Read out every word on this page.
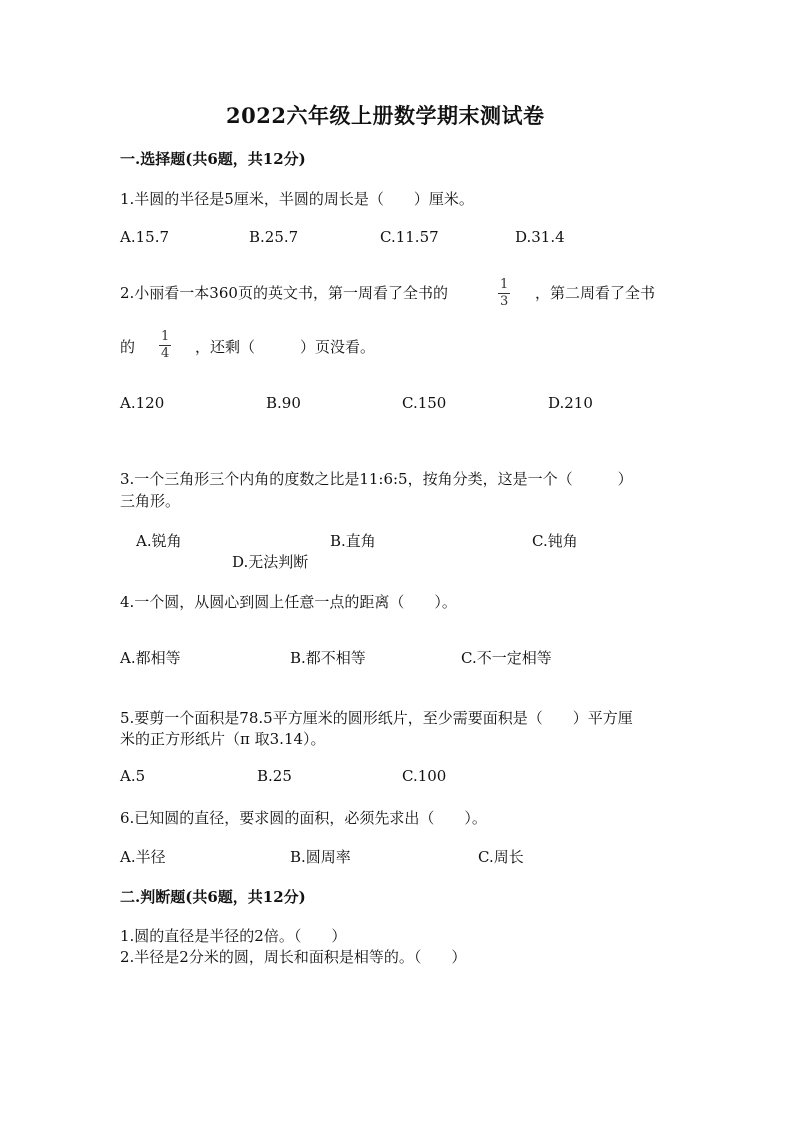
2022六年级上册数学期末测试卷
一.选择题(共6题，共12分)
1.半圆的半径是5厘米，半圆的周长是（　　）厘米。
A.15.7	B.25.7	C.11.57	D.31.4
2.小丽看一本360页的英文书，第一周看了全书的	1
3 ，第二周看了全书
的
1
4 ，还剩（　　　）页没看。
A.120	B.90	C.150	D.210
3.一个三角形三个内角的度数之比是11:6:5，按角分类，这是一个（　　　）
三角形。
A.锐角	B.直角	C.钝角
D.无法判断
4.一个圆，从圆心到圆上任意一点的距离（　　）。
A.都相等	B.都不相等	C.不一定相等
5.要剪一个面积是78.5平方厘米的圆形纸片，至少需要面积是（　　）平方厘
米的正方形纸片（π 取3.14）。
A.5	B.25	C.100
6.已知圆的直径，要求圆的面积，必须先求出（　　）。
A.半径	B.圆周率	C.周长
二.判断题(共6题，共12分)
1.圆的直径是半径的2倍。（　　）
2.半径是2分米的圆，周长和面积是相等的。（　　）
